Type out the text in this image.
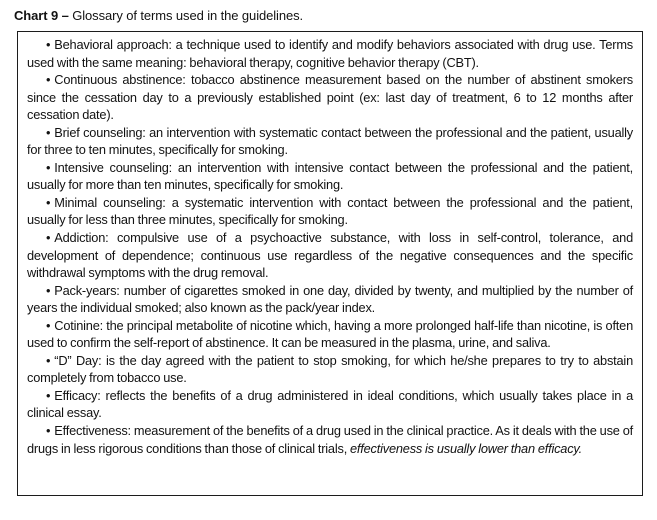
Chart 9 – Glossary of terms used in the guidelines.

• Behavioral approach: a technique used to identify and modify behaviors associated with drug use. Terms used with the same meaning: behavioral therapy, cognitive behavior therapy (CBT).

• Continuous abstinence: tobacco abstinence measurement based on the number of abstinent smokers since the cessation day to a previously established point (ex: last day of treatment, 6 to 12 months after cessation date).

• Brief counseling: an intervention with systematic contact between the professional and the patient, usually for three to ten minutes, specifically for smoking.

• Intensive counseling: an intervention with intensive contact between the professional and the patient, usually for more than ten minutes, specifically for smoking.

• Minimal counseling: a systematic intervention with contact between the professional and the patient, usually for less than three minutes, specifically for smoking.

• Addiction: compulsive use of a psychoactive substance, with loss in self-control, tolerance, and development of dependence; continuous use regardless of the negative consequences and the specific withdrawal symptoms with the drug removal.

• Pack-years: number of cigarettes smoked in one day, divided by twenty, and multiplied by the number of years the individual smoked; also known as the pack/year index.

• Cotinine: the principal metabolite of nicotine which, having a more prolonged half-life than nicotine, is often used to confirm the self-report of abstinence. It can be measured in the plasma, urine, and saliva.

• “D” Day: is the day agreed with the patient to stop smoking, for which he/she prepares to try to abstain completely from tobacco use.

• Efficacy: reflects the benefits of a drug administered in ideal conditions, which usually takes place in a clinical essay.

• Effectiveness: measurement of the benefits of a drug used in the clinical practice. As it deals with the use of drugs in less rigorous conditions than those of clinical trials, effectiveness is usually lower than efficacy.
